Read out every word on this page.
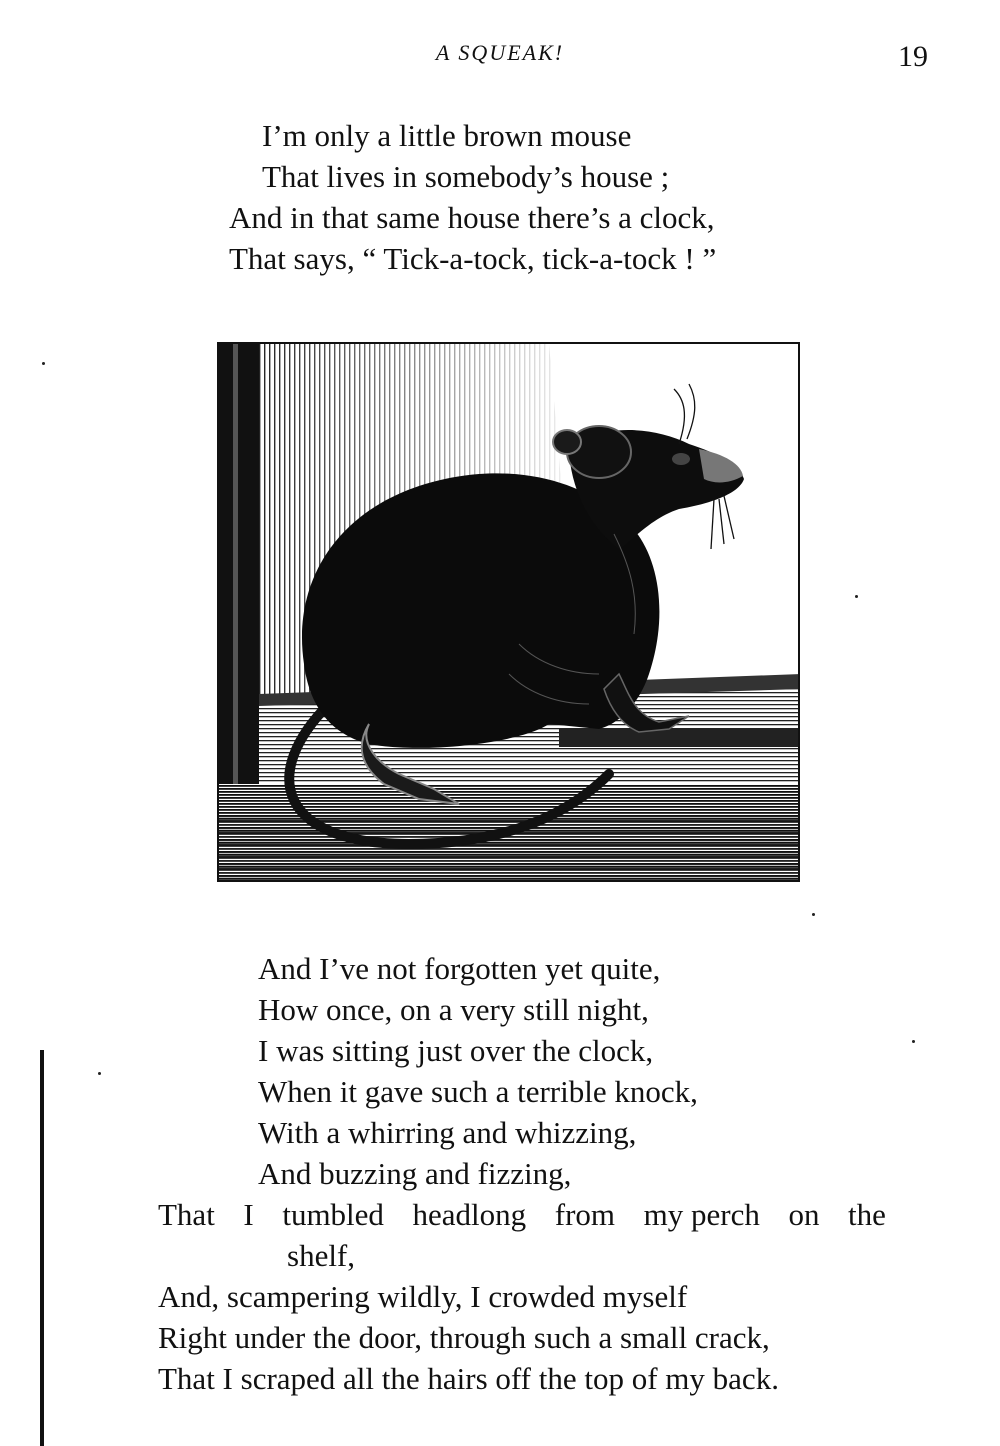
A SQUEAK!	19
I’m only a little brown mouse
That lives in somebody’s house ;
And in that same house there’s a clock,
That says, “ Tick-a-tock, tick-a-tock ! ”
And I’ve not forgotten yet quite,
How once, on a very still night,
I was sitting just over the clock,
When it gave such a terrible knock,
With a whirring and whizzing,
And buzzing and fizzing,
That I tumbled headlong from my perch on the
shelf,
And, scampering wildly, I crowded myself
Right under the door, through such a small crack,
That I scraped all the hairs off the top of my back.
